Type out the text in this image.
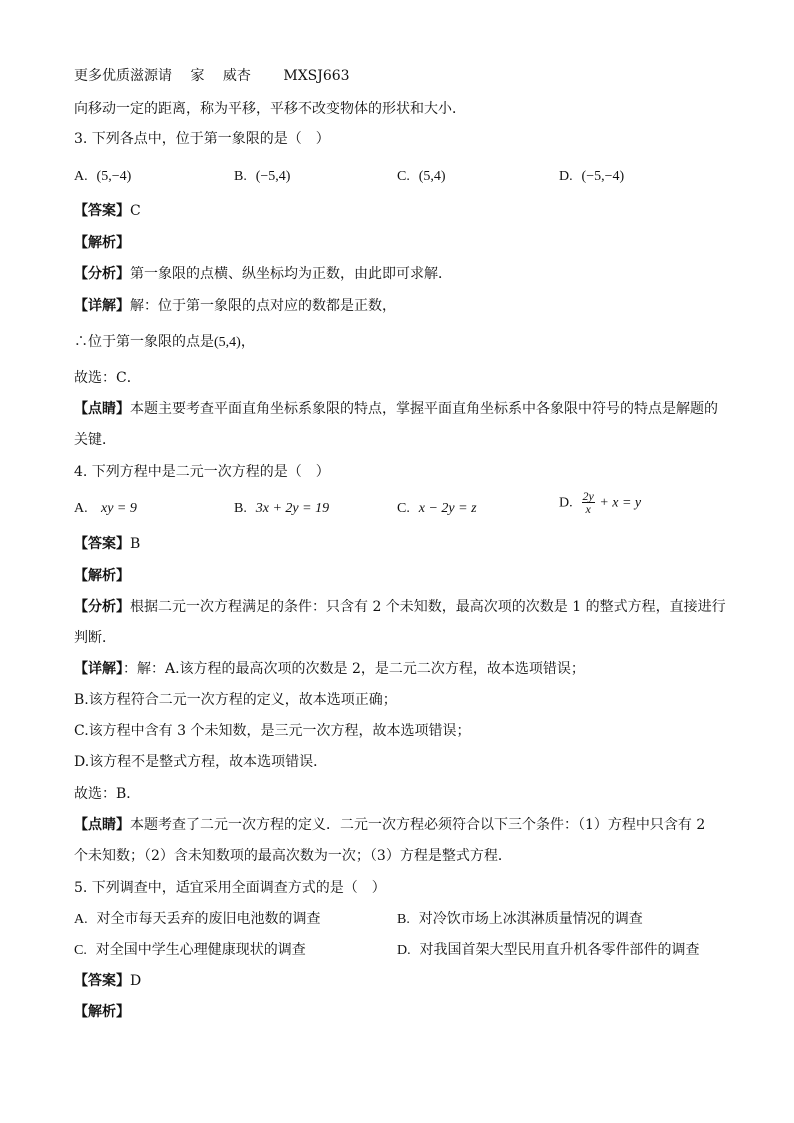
更多优质滋源请 家 威杏 MXSJ663
向移动一定的距离，称为平移，平移不改变物体的形状和大小．
3. 下列各点中，位于第一象限的是（　）
A. (5,−4)	B. (−5,4)	C. (5,4)	D. (−5,−4)
【答案】C
【解析】
【分析】第一象限的点横、纵坐标均为正数，由此即可求解．
【详解】解：位于第一象限的点对应的数都是正数，
∴位于第一象限的点是(5,4)，
故选：C．
【点睛】本题主要考查平面直角坐标系象限的特点，掌握平面直角坐标系中各象限中符号的特点是解题的
关键．
4. 下列方程中是二元一次方程的是（　）
A. xy = 9	B. 3x + 2y = 19	C. x − 2y = z	D. $\frac{2y}{x} + x = y$
【答案】B
【解析】
【分析】根据二元一次方程满足的条件：只含有 2 个未知数，最高次项的次数是 1 的整式方程，直接进行
判断．
【详解】：解：A.该方程的最高次项的次数是 2，是二元二次方程，故本选项错误；
B.该方程符合二元一次方程的定义，故本选项正确；
C.该方程中含有 3 个未知数，是三元一次方程，故本选项错误；
D.该方程不是整式方程，故本选项错误．
故选：B．
【点睛】本题考查了二元一次方程的定义．二元一次方程必须符合以下三个条件：（1）方程中只含有 2
个未知数；（2）含未知数项的最高次数为一次；（3）方程是整式方程．
5. 下列调查中，适宜采用全面调查方式的是（　）
A. 对全市每天丢弃的废旧电池数的调查	B. 对冷饮市场上冰淇淋质量情况的调查
C. 对全国中学生心理健康现状的调查	D. 对我国首架大型民用直升机各零件部件的调查
【答案】D
【解析】
